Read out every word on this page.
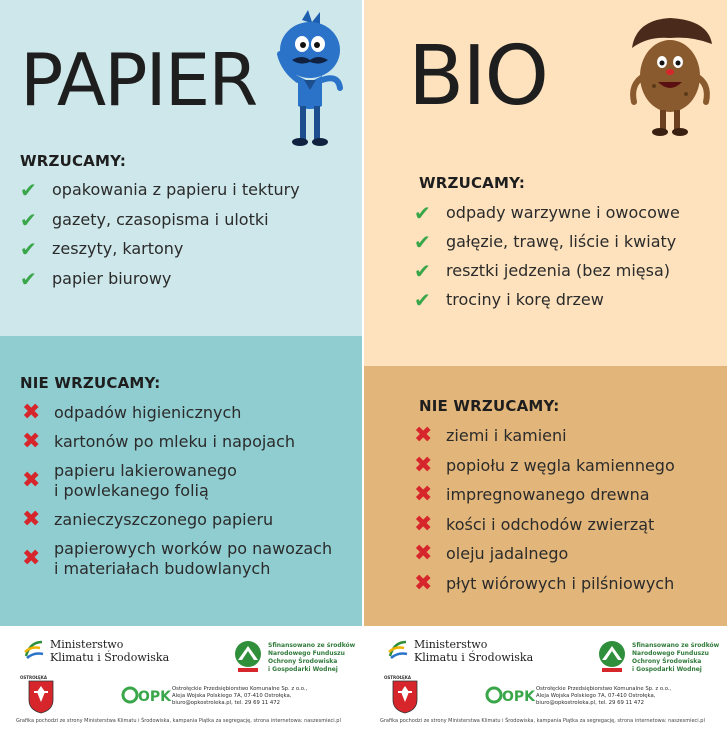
PAPIER
WRZUCAMY:
✔ opakowania z papieru i tektury
✔ gazety, czasopisma i ulotki
✔ zeszyty, kartony
✔ papier biurowy
NIE WRZUCAMY:
✖ odpadów higienicznych
✖ kartonów po mleku i napojach
✖ papieru lakierowanego
i powlekanego folią
✖ zanieczyszczonego papieru
✖ papierowych worków po nawozach
i materiałach budowlanych
Ministerstwo
Klimatu i Środowiska
Sfinansowano ze środków
Narodowego Funduszu
Ochrony Środowiska
i Gospodarki Wodnej
OSTROŁĘKA
OPK Ostrołęckie Przedsiębiorstwo Komunalne Sp. z o.o.,
Aleja Wojska Polskiego 7A, 07-410 Ostrołęka,
biuro@opkostroleka.pl, tel. 29 69 11 472
Grafika pochodzi ze strony Ministerstwa Klimatu i Środowiska, kampania Piątka za segregację, strona internetowa: naszesmieci.pl
BIO
WRZUCAMY:
✔ odpady warzywne i owocowe
✔ gałęzie, trawę, liście i kwiaty
✔ resztki jedzenia (bez mięsa)
✔ trociny i korę drzew
NIE WRZUCAMY:
✖ ziemi i kamieni
✖ popiołu z węgla kamiennego
✖ impregnowanego drewna
✖ kości i odchodów zwierząt
✖ oleju jadalnego
✖ płyt wiórowych i pilśniowych
Ministerstwo
Klimatu i Środowiska
Sfinansowano ze środków
Narodowego Funduszu
Ochrony Środowiska
i Gospodarki Wodnej
OSTROŁĘKA
OPK Ostrołęckie Przedsiębiorstwo Komunalne Sp. z o.o.,
Aleja Wojska Polskiego 7A, 07-410 Ostrołęka,
biuro@opkostroleka.pl, tel. 29 69 11 472
Grafika pochodzi ze strony Ministerstwa Klimatu i Środowiska, kampania Piątka za segregację, strona internetowa: naszesmieci.pl
